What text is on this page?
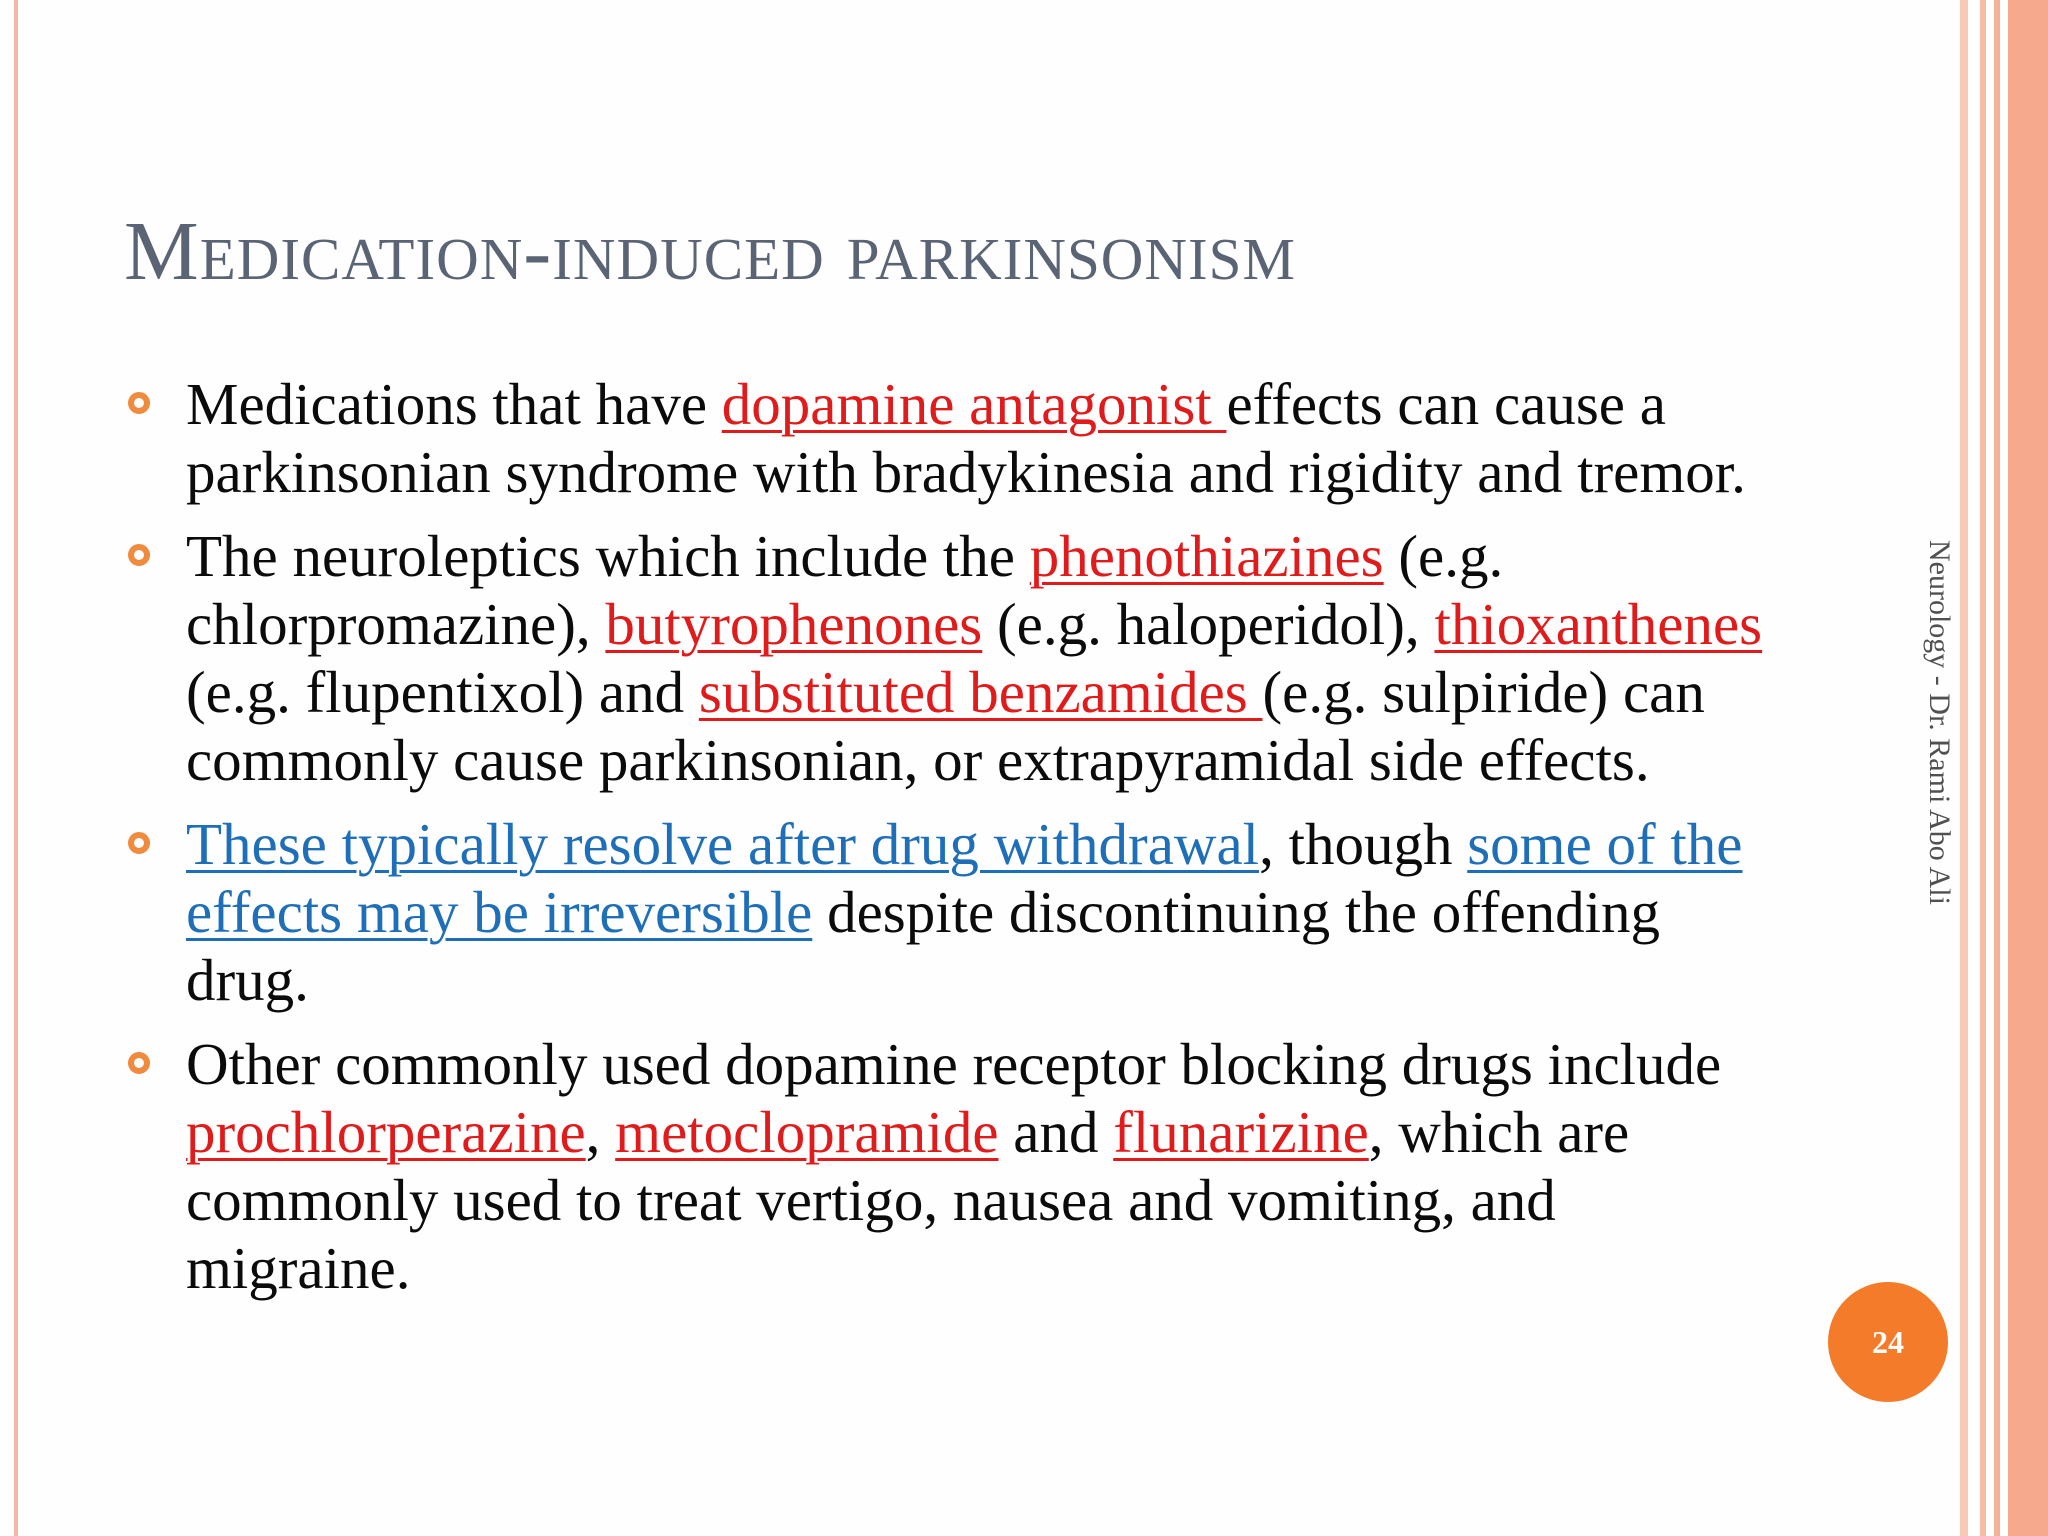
Medication-induced parkinsonism
Medications that have dopamine antagonist effects can cause a parkinsonian syndrome with bradykinesia and rigidity and tremor.
The neuroleptics which include the phenothiazines (e.g. chlorpromazine), butyrophenones (e.g. haloperidol), thioxanthenes (e.g. flupentixol) and substituted benzamides (e.g. sulpiride) can commonly cause parkinsonian, or extrapyramidal side effects.
These typically resolve after drug withdrawal, though some of the effects may be irreversible despite discontinuing the offending drug.
Other commonly used dopamine receptor blocking drugs include prochlorperazine, metoclopramide and flunarizine, which are commonly used to treat vertigo, nausea and vomiting, and migraine.
Neurology - Dr. Rami Abo Ali
24
